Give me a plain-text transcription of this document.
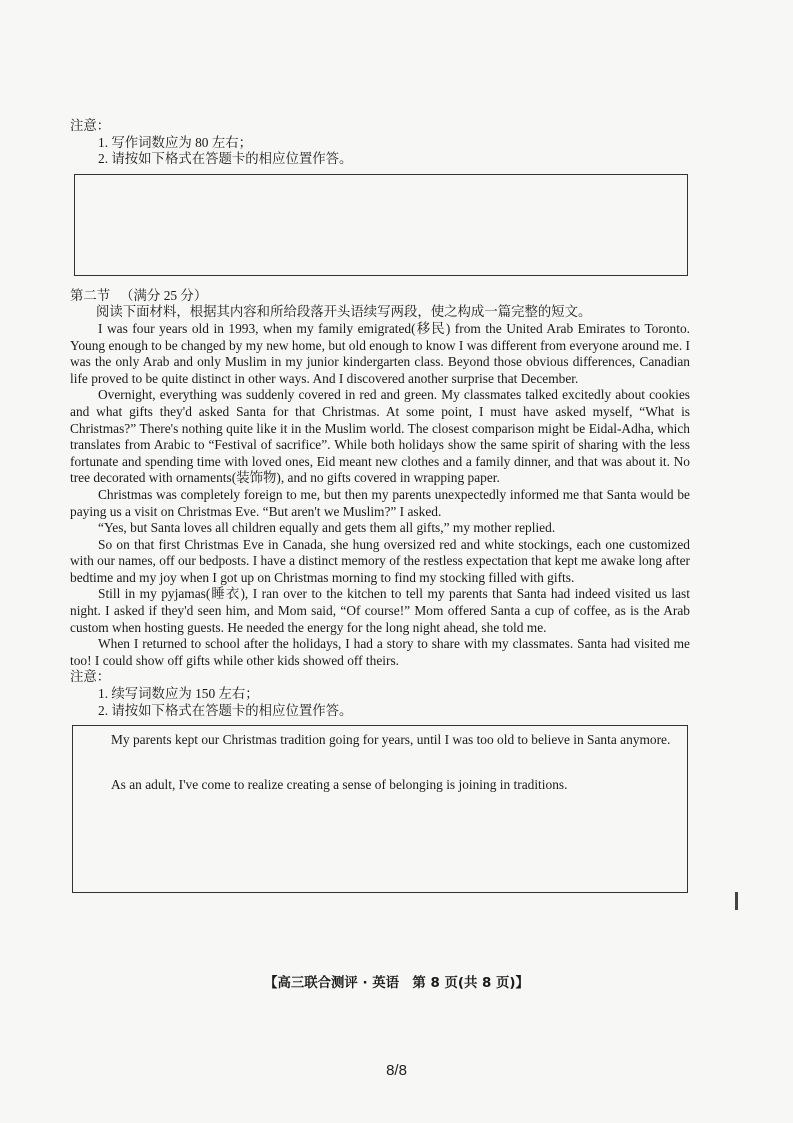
注意：

1. 写作词数应为 80 左右；

2. 请按如下格式在答题卡的相应位置作答。

第二节 （满分 25 分）

阅读下面材料，根据其内容和所给段落开头语续写两段，使之构成一篇完整的短文。

I was four years old in 1993, when my family emigrated(移民) from the United Arab Emirates to Toronto. Young enough to be changed by my new home, but old enough to know I was different from everyone around me. I was the only Arab and only Muslim in my junior kindergarten class. Beyond those obvious differences, Canadian life proved to be quite distinct in other ways. And I discovered another surprise that December.

Overnight, everything was suddenly covered in red and green. My classmates talked excitedly about cookies and what gifts they'd asked Santa for that Christmas. At some point, I must have asked myself, “What is Christmas?” There's nothing quite like it in the Muslim world. The closest comparison might be Eidal-Adha, which translates from Arabic to “Festival of sacrifice”. While both holidays show the same spirit of sharing with the less fortunate and spending time with loved ones, Eid meant new clothes and a family dinner, and that was about it. No tree decorated with ornaments(装饰物), and no gifts covered in wrapping paper.

Christmas was completely foreign to me, but then my parents unexpectedly informed me that Santa would be paying us a visit on Christmas Eve. “But aren't we Muslim?” I asked.

“Yes, but Santa loves all children equally and gets them all gifts,” my mother replied.

So on that first Christmas Eve in Canada, she hung oversized red and white stockings, each one customized with our names, off our bedposts. I have a distinct memory of the restless expectation that kept me awake long after bedtime and my joy when I got up on Christmas morning to find my stocking filled with gifts.

Still in my pyjamas(睡衣), I ran over to the kitchen to tell my parents that Santa had indeed visited us last night. I asked if they'd seen him, and Mom said, “Of course!” Mom offered Santa a cup of coffee, as is the Arab custom when hosting guests. He needed the energy for the long night ahead, she told me.

When I returned to school after the holidays, I had a story to share with my classmates. Santa had visited me too! I could show off gifts while other kids showed off theirs.

注意：

1. 续写词数应为 150 左右；

2. 请按如下格式在答题卡的相应位置作答。

My parents kept our Christmas tradition going for years, until I was too old to believe in Santa anymore.

As an adult, I've come to realize creating a sense of belonging is joining in traditions.

【高三联合测评 · 英语　第 8 页(共 8 页)】
8/8
